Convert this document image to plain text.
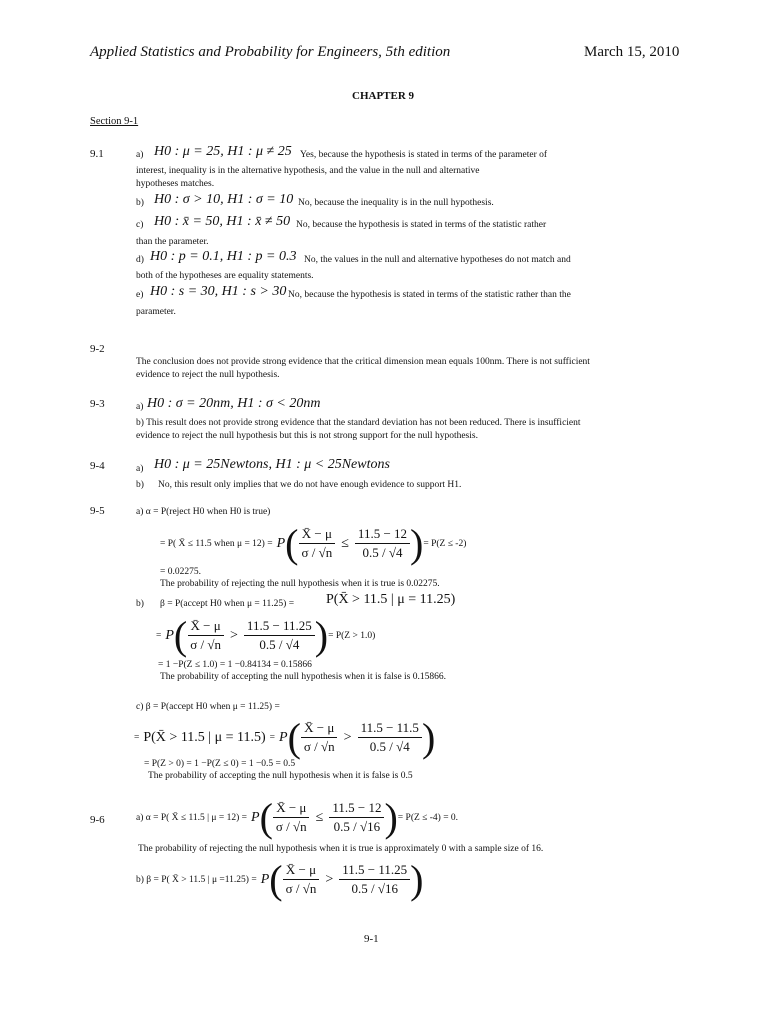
Applied Statistics and Probability for Engineers, 5th edition	March 15, 2010
CHAPTER 9
Section 9-1
9.1	a) H0 : μ = 25, H1 : μ ≠ 25 Yes, because the hypothesis is stated in terms of the parameter of
interest, inequality is in the alternative hypothesis, and the value in the null and alternative
hypotheses matches.
b) H0 : σ > 10, H1 : σ = 10 No, because the inequality is in the null hypothesis.
c) H0 : x̄ = 50, H1 : x̄ ≠ 50 No, because the hypothesis is stated in terms of the statistic rather
than the parameter.
d) H0 : p = 0.1, H1 : p = 0.3 No, the values in the null and alternative hypotheses do not match and
both of the hypotheses are equality statements.
e) H0 : s = 30, H1 : s > 30 No, because the hypothesis is stated in terms of the statistic rather than the
parameter.
9-2
The conclusion does not provide strong evidence that the critical dimension mean equals 100nm. There is not sufficient
evidence to reject the null hypothesis.
9-3	a) H0 : σ = 20nm, H1 : σ < 20nm
b) This result does not provide strong evidence that the standard deviation has not been reduced. There is insufficient
evidence to reject the null hypothesis but this is not strong support for the null hypothesis.
9-4	a) H0 : μ = 25Newtons, H1 : μ < 25Newtons
b) No, this result only implies that we do not have enough evidence to support H1.
9-5	a) α = P(reject H0 when H0 is true)
= P( X̄ ≤ 11.5 when μ = 12) = P ( $\frac{X̄ - \mu}{\sigma / √n} \le \frac{11.5 - 12}{0.5 / √4}$ ) = P(Z ≤ -2)
= 0.02275.
The probability of rejecting the null hypothesis when it is true is 0.02275.
b) β = P(accept H0 when μ = 11.25) = P(X̄ > 11.5 | μ = 11.25)
= P ( $\frac{X̄ - \mu}{\sigma / √n} > \frac{11.5 - 11.25}{0.5 / √4}$ ) = P(Z > 1.0)
= 1 −P(Z ≤ 1.0) = 1 −0.84134 = 0.15866
The probability of accepting the null hypothesis when it is false is 0.15866.
c) β = P(accept H0 when μ = 11.25) =
= P(X̄ > 11.5 | μ = 11.5) = P ( $\frac{X̄ - \mu}{\sigma / √n} > \frac{11.5 - 11.5}{0.5 / √4}$ )
= P(Z > 0) = 1 −P(Z ≤ 0) = 1 −0.5 = 0.5
The probability of accepting the null hypothesis when it is false is 0.5
9-6	a) α = P( X̄ ≤ 11.5 | μ = 12) = P ( $\frac{X̄ - \mu}{\sigma / √n} \le \frac{11.5 - 12}{0.5 / √16}$ ) = P(Z ≤ -4) = 0.
The probability of rejecting the null hypothesis when it is true is approximately 0 with a sample size of 16.
b) β = P( X̄ > 11.5 | μ =11.25) = P ( $\frac{X̄ - \mu}{\sigma / √n} > \frac{11.5 - 11.25}{0.5 / √16}$ )
9-1
